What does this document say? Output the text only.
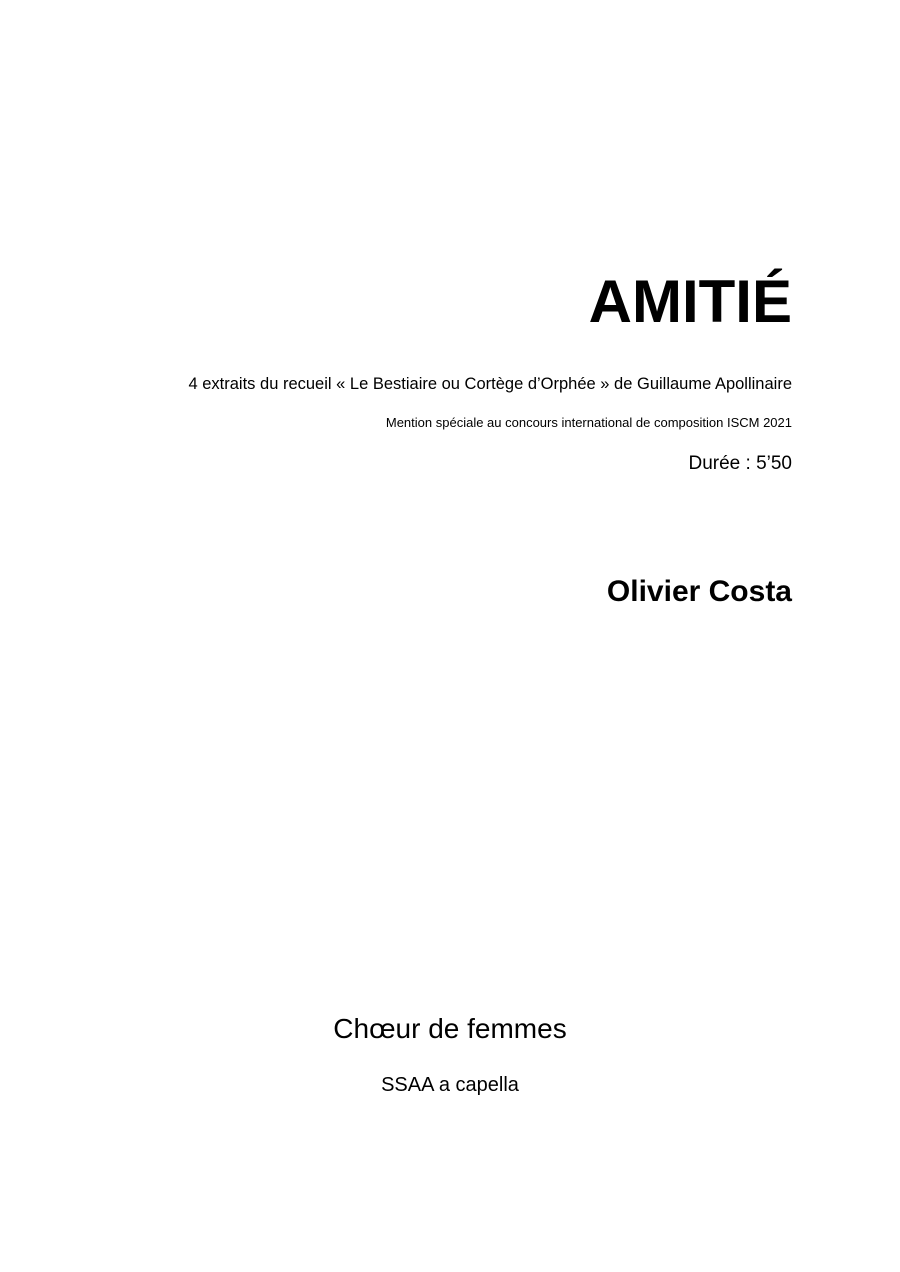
AMITIÉ
4 extraits du recueil « Le Bestiaire ou Cortège d’Orphée » de Guillaume Apollinaire
Mention spéciale au concours international de composition ISCM 2021
Durée : 5’50
Olivier Costa
Chœur de femmes
SSAA a capella
